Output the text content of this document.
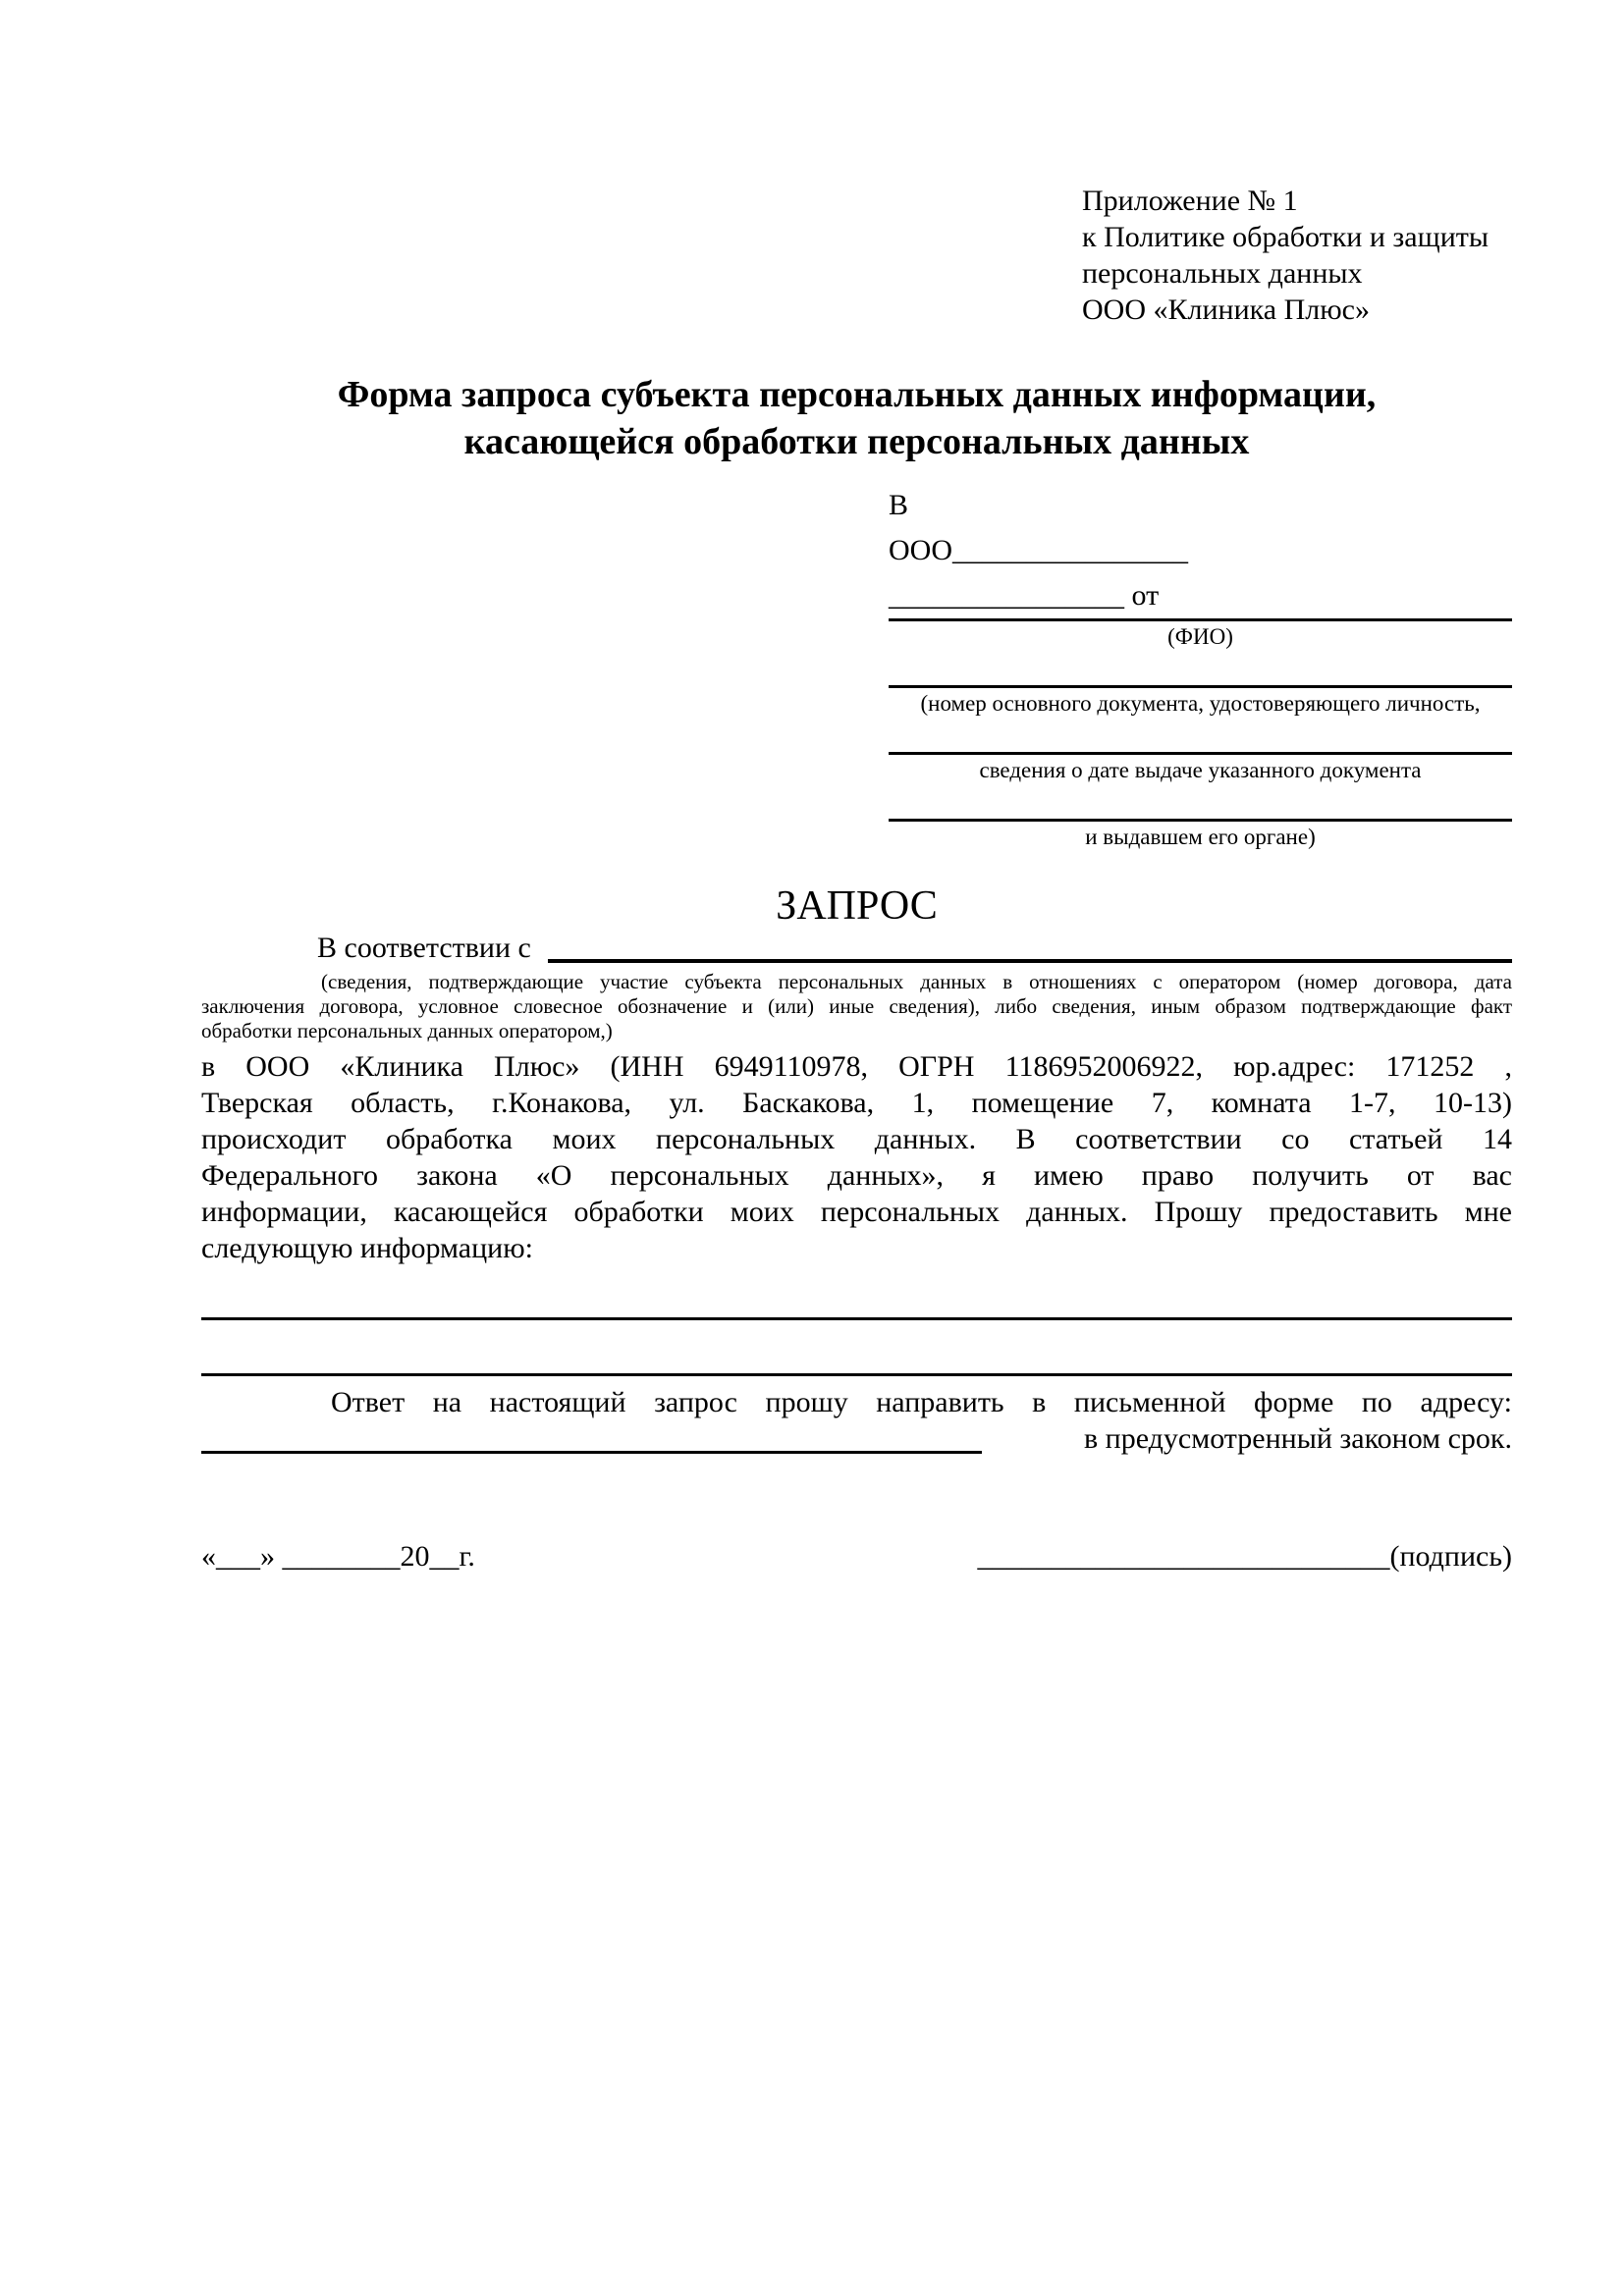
Приложение № 1
к Политике обработки и защиты
персональных данных
ООО «Клиника Плюс»
Форма запроса субъекта персональных данных информации,
касающейся обработки персональных данных
В
ООО________________
________________ от
(ФИО)
(номер основного документа, удостоверяющего личность,
сведения о дате выдаче указанного документа
и выдавшем его органе)
ЗАПРОС
В соответствии с
(сведения, подтверждающие участие субъекта персональных данных в отношениях с оператором (номер договора, дата
заключения договора, условное словесное обозначение и (или) иные сведения), либо сведения, иным образом подтверждающие факт
обработки персональных данных оператором,)
в ООО «Клиника Плюс» (ИНН 6949110978, ОГРН 1186952006922, юр.адрес: 171252 ,
Тверская область, г.Конакова, ул. Баскакова, 1, помещение 7, комната 1-7, 10-13)
происходит обработка моих персональных данных. В соответствии со статьей 14
Федерального закона «О персональных данных», я имею право получить от вас
информации, касающейся обработки моих персональных данных. Прошу предоставить мне
следующую информацию:
Ответ на настоящий запрос прошу направить в письменной форме по адресу:
в предусмотренный законом срок.
«___» ________20__г.	____________________________(подпись)
